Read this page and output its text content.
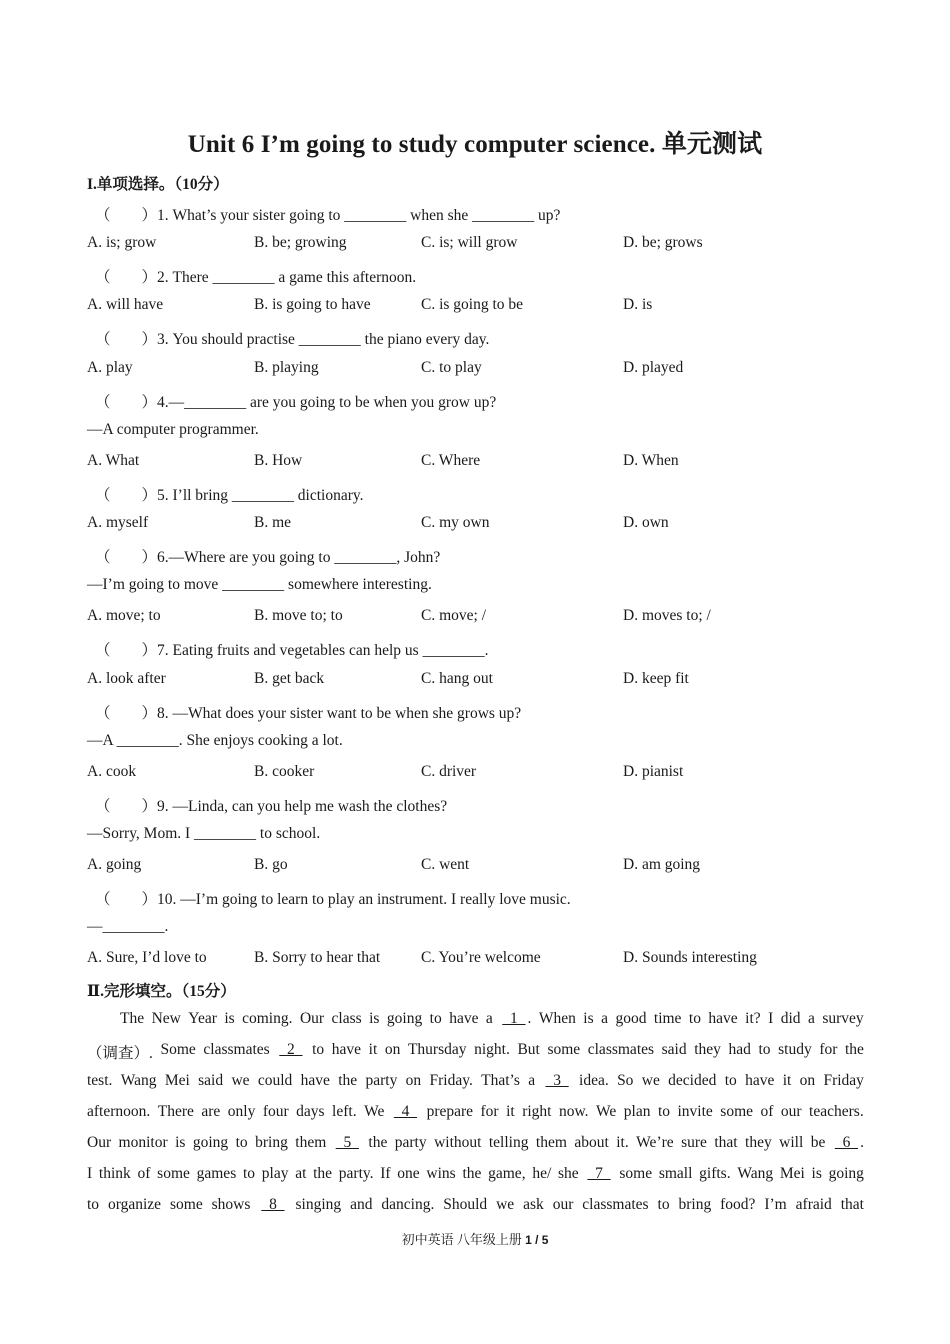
Unit 6 I’m going to study computer science. 单元测试
I.单项选择。（10分）
（　　）1. What’s your sister going to ________ when she ________ up?
A. is; grow	B. be; growing	C. is; will grow	D. be; grows
（　　）2. There ________ a game this afternoon.
A. will have	B. is going to have	C. is going to be	D. is
（　　）3. You should practise ________ the piano every day.
A. play	B. playing	C. to play	D. played
（　　）4.—________ are you going to be when you grow up?
—A computer programmer.
A. What	B. How	C. Where	D. When
（　　）5. I’ll bring ________ dictionary.
A. myself	B. me	C. my own	D. own
（　　）6.—Where are you going to ________, John?
—I’m going to move ________ somewhere interesting.
A. move; to	B. move to; to	C. move; /	D. moves to; /
（　　）7. Eating fruits and vegetables can help us ________.
A. look after	B. get back	C. hang out	D. keep fit
（　　）8. —What does your sister want to be when she grows up?
—A ________. She enjoys cooking a lot.
A. cook	B. cooker	C. driver	D. pianist
（　　）9. —Linda, can you help me wash the clothes?
—Sorry, Mom. I ________ to school.
A. going	B. go	C. went	D. am going
（　　）10. —I’m going to learn to play an instrument. I really love music.
—________.
A. Sure, I’d love to	B. Sorry to hear that	C. You’re welcome	D. Sounds interesting
Ⅱ.完形填空。（15分）
The New Year is coming. Our class is going to have a 1  . When is a good time to have it? I did a survey
（调查）. Some classmates 2 to have it on Thursday night. But some classmates said they had to study for the
test. Wang Mei said we could have the party on Friday. That’s a 3 idea. So we decided to have it on Friday
afternoon. There are only four days left. We 4 prepare for it right now. We plan to invite some of our teachers.
Our monitor is going to bring them 5 the party without telling them about it. We’re sure that they will be 6  .
I think of some games to play at the party. If one wins the game, he/ she 7 some small gifts. Wang Mei is going
to organize some shows 8 singing and dancing. Should we ask our classmates to bring food? I’m afraid that
初中英语 八年级上册 1 / 5
